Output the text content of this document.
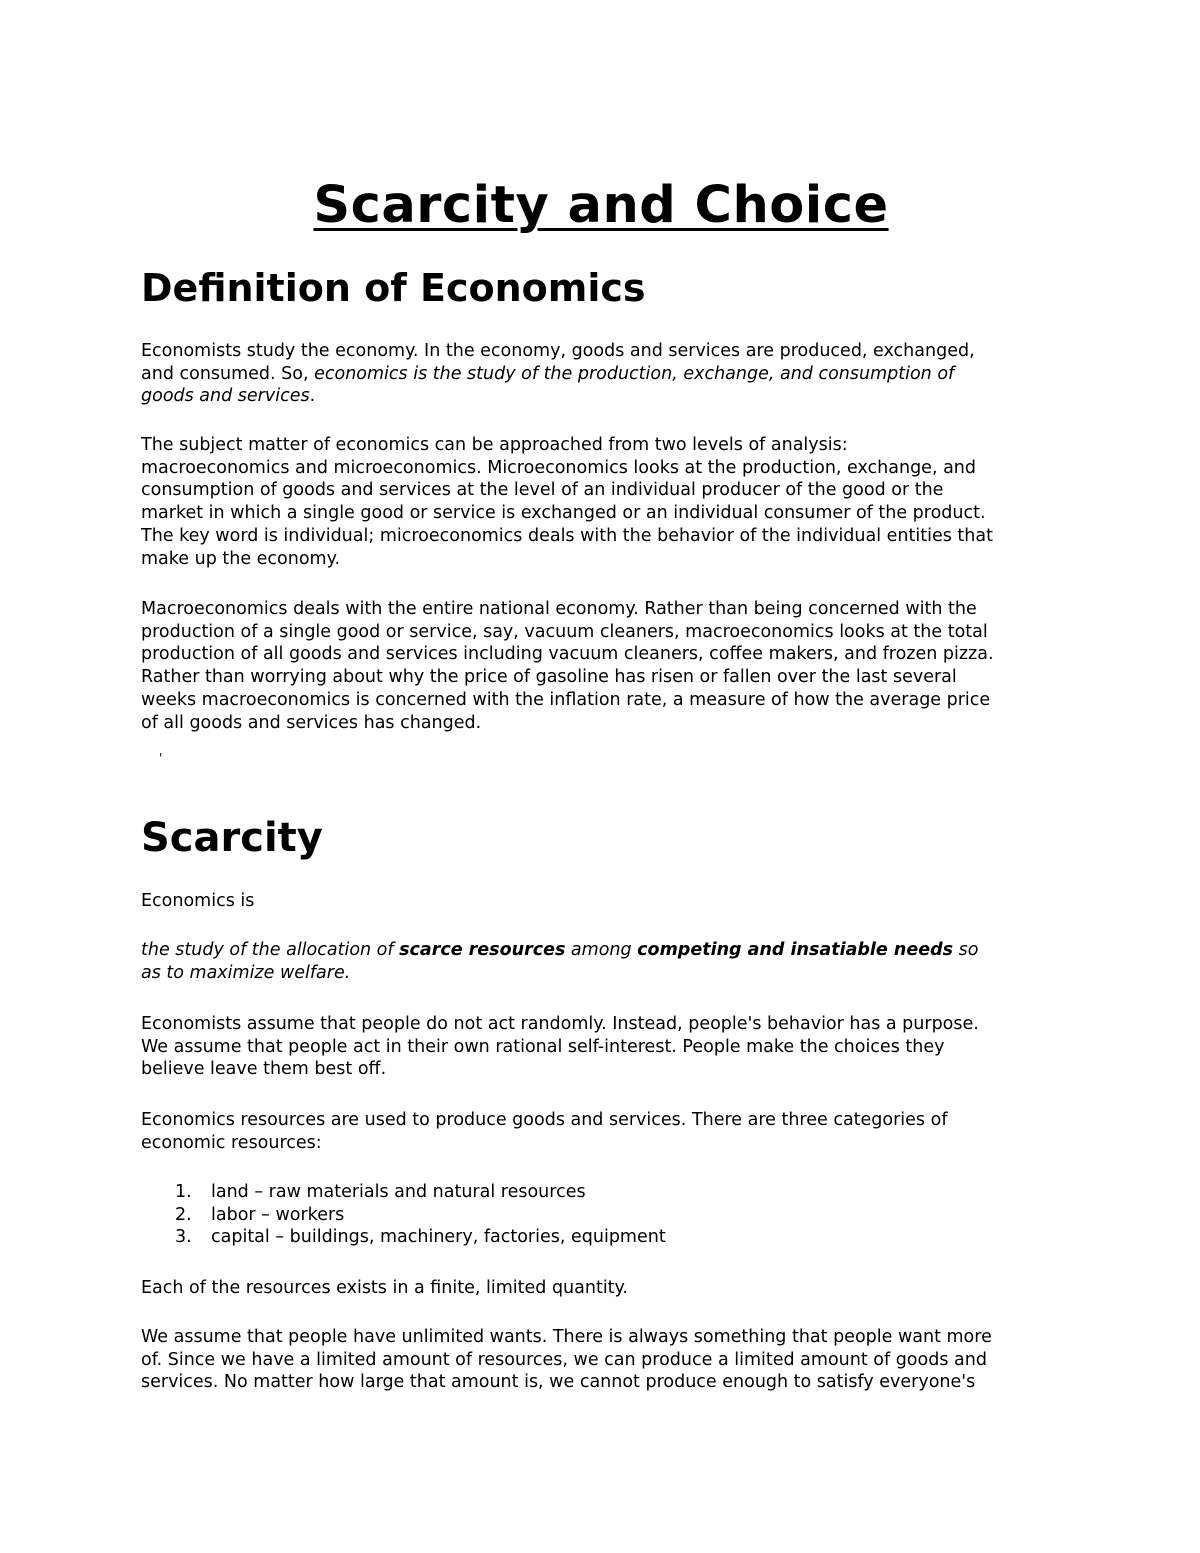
Scarcity and Choice
Definition of Economics

Economists study the economy. In the economy, goods and services are produced, exchanged,
and consumed. So, economics is the study of the production, exchange, and consumption of
goods and services.

The subject matter of economics can be approached from two levels of analysis:
macroeconomics and microeconomics. Microeconomics looks at the production, exchange, and
consumption of goods and services at the level of an individual producer of the good or the
market in which a single good or service is exchanged or an individual consumer of the product.
The key word is individual; microeconomics deals with the behavior of the individual entities that
make up the economy.

Macroeconomics deals with the entire national economy. Rather than being concerned with the
production of a single good or service, say, vacuum cleaners, macroeconomics looks at the total
production of all goods and services including vacuum cleaners, coffee makers, and frozen pizza.
Rather than worrying about why the price of gasoline has risen or fallen over the last several
weeks macroeconomics is concerned with the inflation rate, a measure of how the average price
of all goods and services has changed.

'
Scarcity

Economics is

the study of the allocation of scarce resources among competing and insatiable needs so
as to maximize welfare.

Economists assume that people do not act randomly. Instead, people's behavior has a purpose.
We assume that people act in their own rational self-interest. People make the choices they
believe leave them best off.

Economics resources are used to produce goods and services. There are three categories of
economic resources:

1.	land – raw materials and natural resources
2.	labor – workers
3.	capital – buildings, machinery, factories, equipment

Each of the resources exists in a finite, limited quantity.

We assume that people have unlimited wants. There is always something that people want more
of. Since we have a limited amount of resources, we can produce a limited amount of goods and
services. No matter how large that amount is, we cannot produce enough to satisfy everyone's
